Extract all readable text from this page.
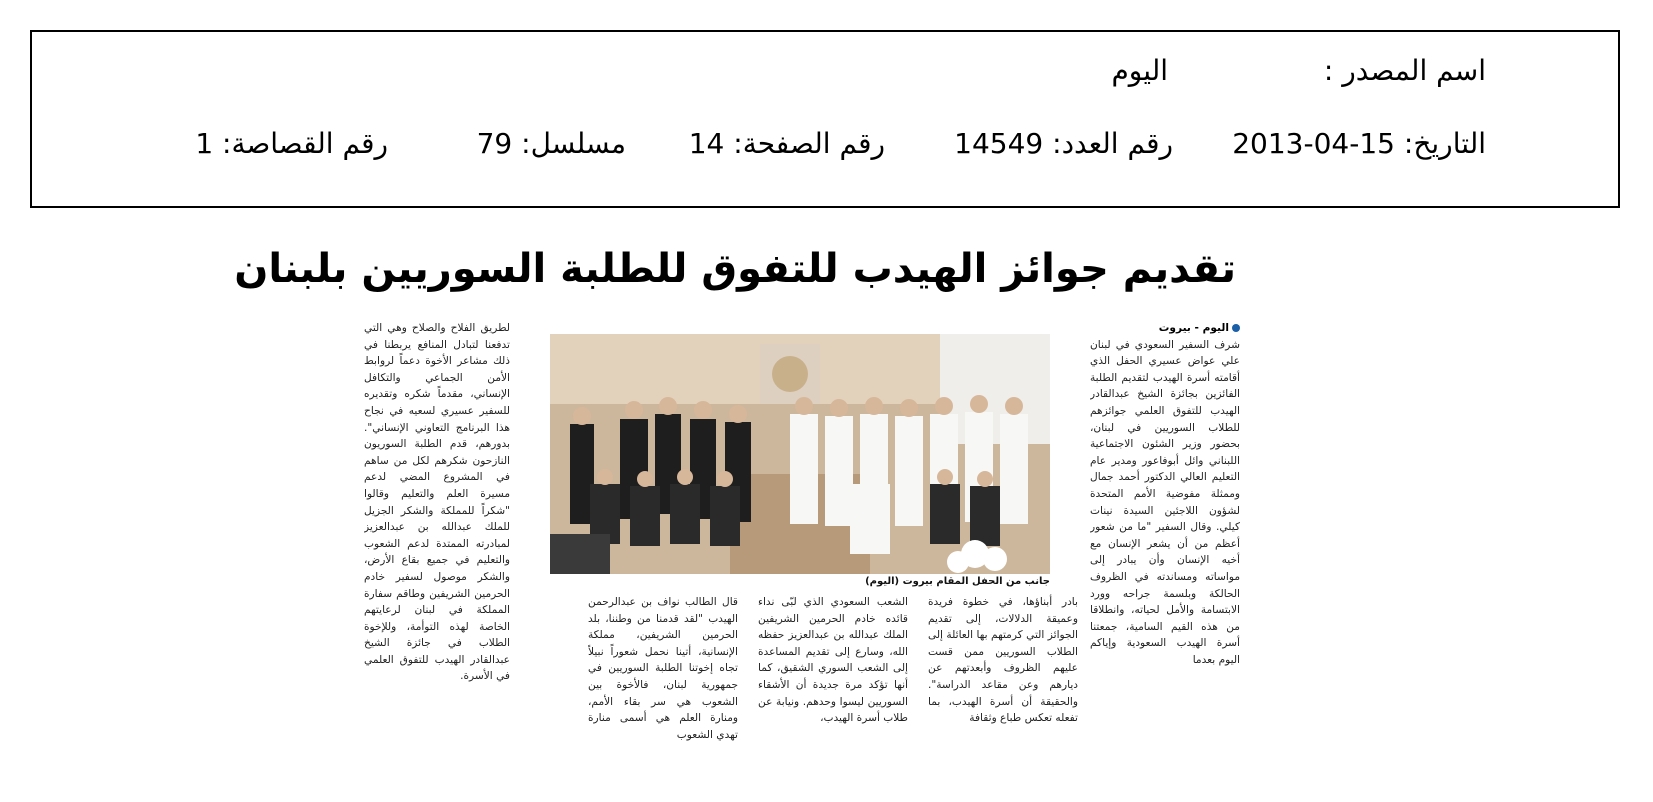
اسم المصدر :
اليوم
التاريخ: 15-04-2013
رقم العدد: 14549
رقم الصفحة: 14
مسلسل: 79
رقم القصاصة: 1
تقديم جوائز الهيدب للتفوق للطلبة السوريين بلبنان
اليوم - بيروت
شرف السفير السعودي في لبنان علي عواض عسيري الحفل الذي أقامته أسرة الهيدب لتقديم الطلبة الفائزين بجائزة الشيخ عبدالقادر الهيدب للتفوق العلمي جوائزهم للطلاب السوريين في لبنان، بحضور وزير الشئون الاجتماعية اللبناني وائل أبوفاعور ومدير عام التعليم العالي الدكتور أحمد جمال وممثلة مفوضية الأمم المتحدة لشؤون اللاجئين السيدة نينات كيلي. وقال السفير "ما من شعور أعظم من أن يشعر الإنسان مع أخيه الإنسان وأن يبادر إلى مواساته ومساندته في الظروف الحالكة وبلسمة جراحه وورد الابتسامة والأمل لحياته، وانطلاقا من هذه القيم السامية، جمعتنا أسرة الهيدب السعودية وإياكم اليوم بعدما
جانب من الحفل المقام بيروت (اليوم)
بادر أبناؤها، في خطوة فريدة وعميقة الدلالات، إلى تقديم الجوائز التي كرمتهم بها العائلة إلى الطلاب السوريين ممن قست عليهم الظروف وأبعدتهم عن ديارهم وعن مقاعد الدراسة". والحقيقة أن أسرة الهيدب، بما تفعله تعكس طباع وثقافة
الشعب السعودي الذي لبّى نداء قائده خادم الحرمين الشريفين الملك عبدالله بن عبدالعزيز حفظه الله، وسارع إلى تقديم المساعدة إلى الشعب السوري الشقيق، كما أنها تؤكد مرة جديدة أن الأشقاء السوريين ليسوا وحدهم. ونيابة عن طلاب أسرة الهيدب،
قال الطالب نواف بن عبدالرحمن الهيدب "لقد قدمنا من وطننا، بلد الحرمين الشريفين، مملكة الإنسانية، أتينا نحمل شعوراً نبيلاً تجاه إخوتنا الطلبة السوريين في جمهورية لبنان، فالأخوة بين الشعوب هي سر بقاء الأمم، ومنارة العلم هي أسمى منارة تهدي الشعوب
لطريق الفلاح والصلاح وهي التي تدفعنا لتبادل المنافع يربطنا في ذلك مشاعر الأخوة دعماً لروابط الأمن الجماعي والتكافل الإنساني، مقدماً شكره وتقديره للسفير عسيري لسعيه في نجاح هذا البرنامج التعاوني الإنساني". بدورهم، قدم الطلبة السوريون النازحون شكرهم لكل من ساهم في المشروع المضي لدعم مسيرة العلم والتعليم وقالوا "شكراً للمملكة والشكر الجزيل للملك عبدالله بن عبدالعزيز لمبادرته الممتدة لدعم الشعوب والتعليم في جميع بقاع الأرض، والشكر موصول لسفير خادم الحرمين الشريفين وطاقم سفارة المملكة في لبنان لرعايتهم الخاصة لهذه التوأمة، وللإخوة الطلاب في جائزة الشيخ عبدالقادر الهيدب للتفوق العلمي في الأسرة.
